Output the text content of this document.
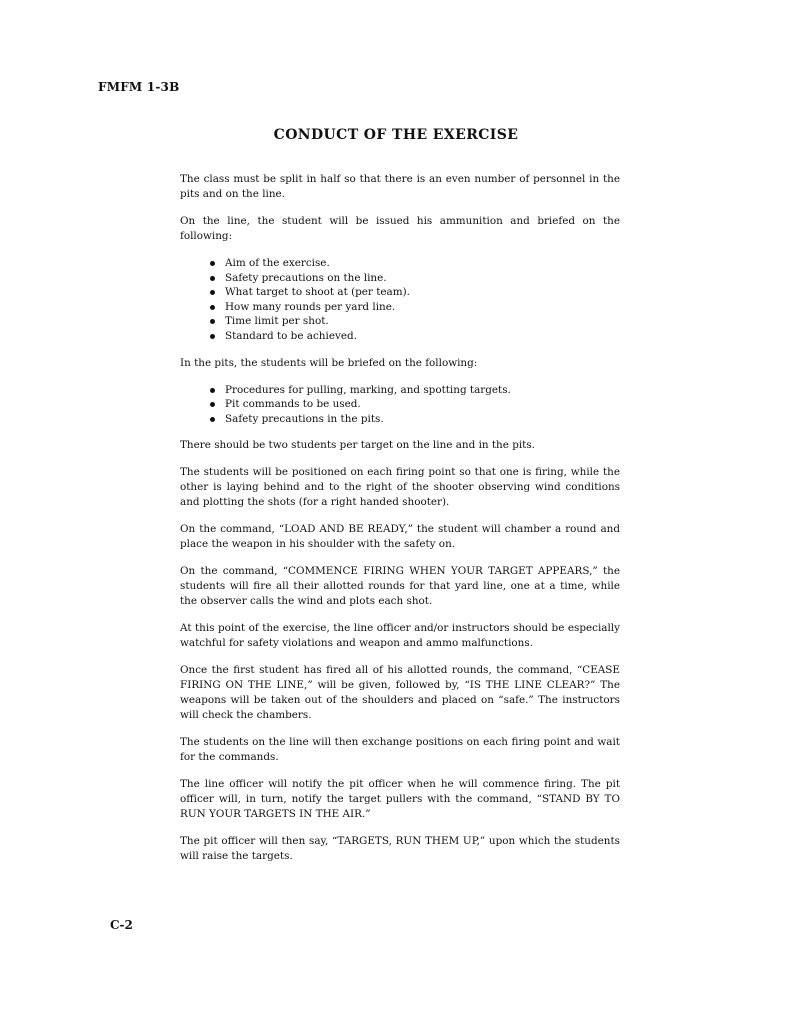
FMFM 1-3B
CONDUCT OF THE EXERCISE

The class must be split in half so that there is an even number of personnel in the pits and on the line.

On the line, the student will be issued his ammunition and briefed on the following:

Aim of the exercise.
Safety precautions on the line.
What target to shoot at (per team).
How many rounds per yard line.
Time limit per shot.
Standard to be achieved.

In the pits, the students will be briefed on the following:

Procedures for pulling, marking, and spotting targets.
Pit commands to be used.
Safety precautions in the pits.

There should be two students per target on the line and in the pits.

The students will be positioned on each firing point so that one is firing, while the other is laying behind and to the right of the shooter observing wind conditions and plotting the shots (for a right handed shooter).

On the command, “LOAD AND BE READY,” the student will chamber a round and place the weapon in his shoulder with the safety on.

On the command, “COMMENCE FIRING WHEN YOUR TARGET APPEARS,” the students will fire all their allotted rounds for that yard line, one at a time, while the observer calls the wind and plots each shot.

At this point of the exercise, the line officer and/or instructors should be especially watchful for safety violations and weapon and ammo malfunctions.

Once the first student has fired all of his allotted rounds, the command, “CEASE FIRING ON THE LINE,” will be given, followed by, “IS THE LINE CLEAR?” The weapons will be taken out of the shoulders and placed on “safe.” The instructors will check the chambers.

The students on the line will then exchange positions on each firing point and wait for the commands.

The line officer will notify the pit officer when he will commence firing. The pit officer will, in turn, notify the target pullers with the command, “STAND BY TO RUN YOUR TARGETS IN THE AIR.”

The pit officer will then say, “TARGETS, RUN THEM UP,” upon which the students will raise the targets.

C-2
